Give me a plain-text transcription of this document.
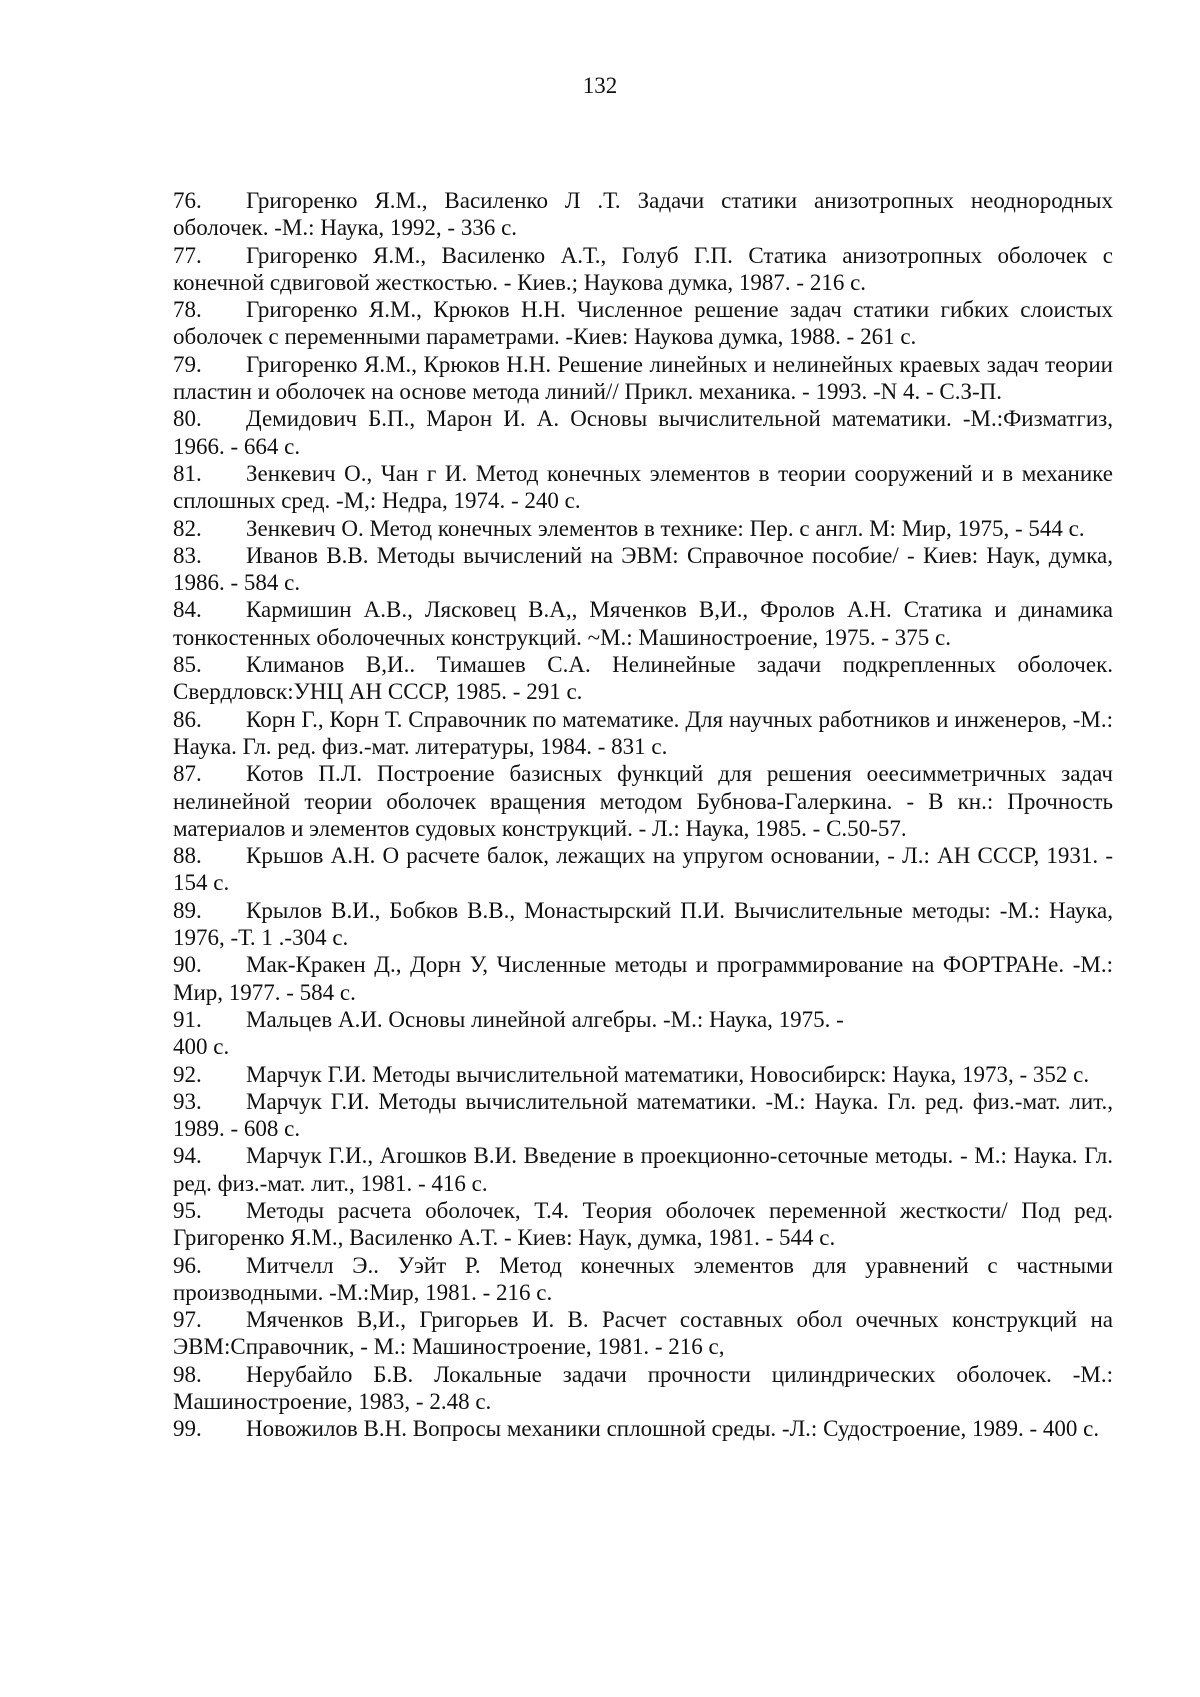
132
76. Григоренко Я.М., Василенко Л .Т. Задачи статики анизотропных неоднородных оболочек. -М.: Наука, 1992, - 336 с.
77. Григоренко Я.М., Василенко А.Т., Голуб Г.П. Статика анизотропных оболочек с конечной сдвиговой жесткостью. - Киев.; Наукова думка, 1987. - 216 с.
78. Григоренко Я.М., Крюков Н.Н. Численное решение задач статики гибких слоистых оболочек с переменными параметрами. -Киев: Наукова думка, 1988. - 261 с.
79. Григоренко Я.М., Крюков Н.Н. Решение линейных и нелинейных краевых задач теории пластин и оболочек на основе метода линий// Прикл. механика. - 1993. -N 4. - С.З-П.
80. Демидович Б.П., Марон И. А. Основы вычислительной математики. -М.:Физматгиз, 1966. - 664 с.
81. Зенкевич О., Чан г И. Метод конечных элементов в теории сооружений и в механике сплошных сред. -М,: Недра, 1974. - 240 с.
82. Зенкевич О. Метод конечных элементов в технике: Пер. с англ. М: Мир, 1975, - 544 с.
83. Иванов В.В. Методы вычислений на ЭВМ: Справочное пособие/ - Киев: Наук, думка, 1986. - 584 с.
84. Кармишин А.В., Лясковец В.А,, Мяченков В,И., Фролов А.Н. Статика и динамика тонкостенных оболочечных конструкций. ~М.: Машиностроение, 1975. - 375 с.
85. Климанов В,И.. Тимашев С.А. Нелинейные задачи подкрепленных оболочек. Свердловск:УНЦ АН СССР, 1985. - 291 с.
86. Корн Г., Корн Т. Справочник по математике. Для научных работников и инженеров, -М.: Наука. Гл. ред. физ.-мат. литературы, 1984. - 831 с.
87. Котов П.Л. Построение базисных функций для решения оеесимметричных задач нелинейной теории оболочек вращения методом Бубнова-Галеркина. - В кн.: Прочность материалов и элементов судовых конструкций. - Л.: Наука, 1985. - С.50-57.
88. Крьшов А.Н. О расчете балок, лежащих на упругом основании, - Л.: АН СССР, 1931. - 154 с.
89. Крылов В.И., Бобков В.В., Монастырский П.И. Вычислительные методы: -М.: Наука, 1976, -Т. 1 .-304 с.
90. Мак-Кракен Д., Дорн У, Численные методы и программирование на ФОРТРАНе. -М.: Мир, 1977. - 584 с.
91. Мальцев А.И. Основы линейной алгебры. -М.: Наука, 1975. -
400 с.
92. Марчук Г.И. Методы вычислительной математики, Новосибирск: Наука, 1973, - 352 с.
93. Марчук Г.И. Методы вычислительной математики. -М.: Наука. Гл. ред. физ.-мат. лит., 1989. - 608 с.
94. Марчук Г.И., Агошков В.И. Введение в проекционно-сеточные методы. - М.: Наука. Гл. ред. физ.-мат. лит., 1981. - 416 с.
95. Методы расчета оболочек, Т.4. Теория оболочек переменной жесткости/ Под ред. Григоренко Я.М., Василенко А.Т. - Киев: Наук, думка, 1981. - 544 с.
96. Митчелл Э.. Уэйт Р. Метод конечных элементов для уравнений с частными производными. -М.:Мир, 1981. - 216 с.
97. Мяченков В,И., Григорьев И. В. Расчет составных обол очечных конструкций на ЭВМ:Справочник, - М.: Машиностроение, 1981. - 216 с,
98. Нерубайло Б.В. Локальные задачи прочности цилиндрических оболочек. -М.: Машиностроение, 1983, - 2.48 с.
99. Новожилов В.Н. Вопросы механики сплошной среды. -Л.: Судостроение, 1989. - 400 с.
